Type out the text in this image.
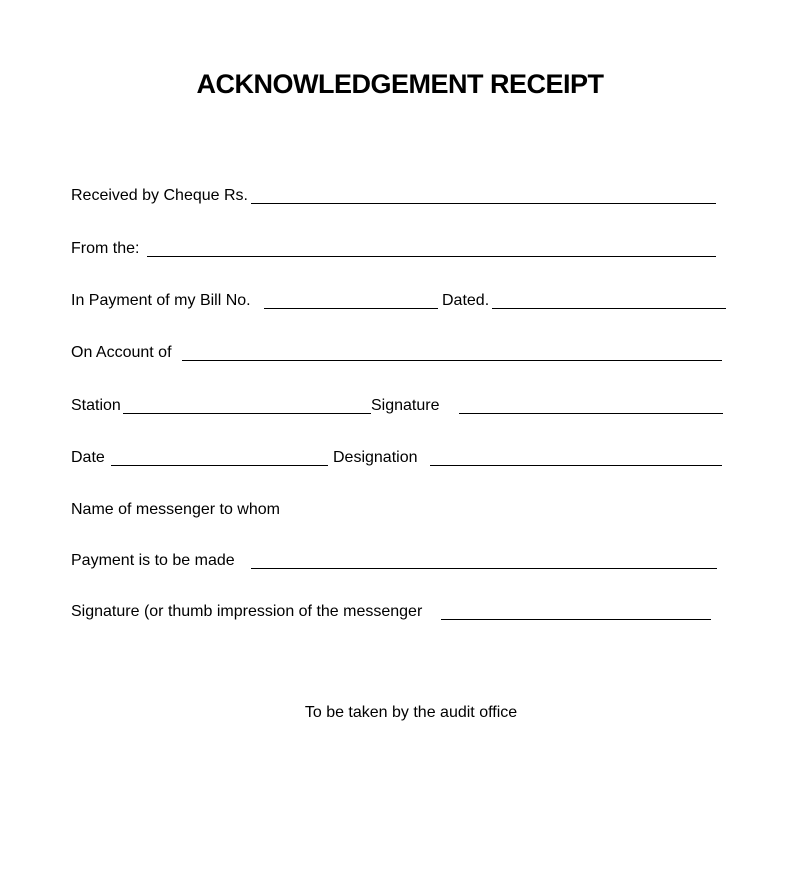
ACKNOWLEDGEMENT RECEIPT
Received by Cheque Rs.
From the:
In Payment of my Bill No.	Dated.
On Account of
Station	Signature
Date	Designation
Name of messenger to whom
Payment is to be made
Signature (or thumb impression of the messenger
To be taken by the audit office
